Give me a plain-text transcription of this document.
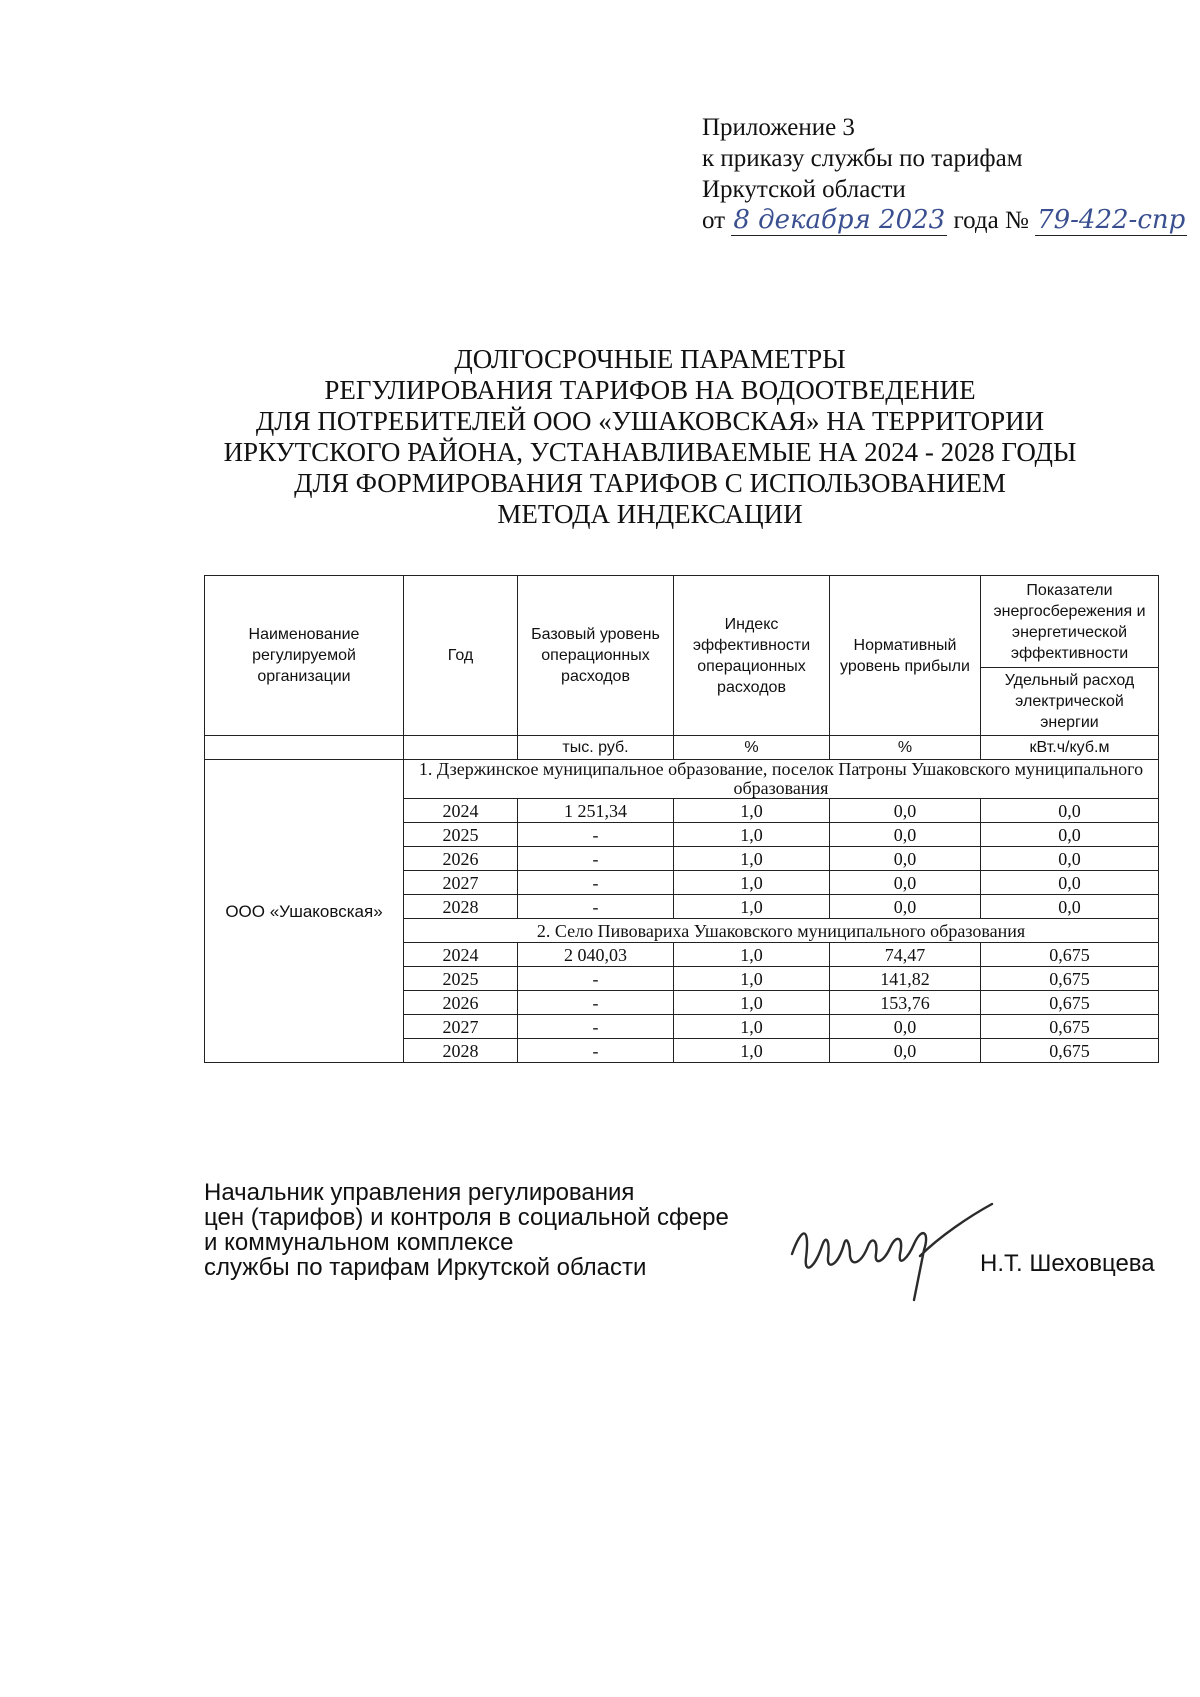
Приложение 3
к приказу службы по тарифам
Иркутской области
от 8 декабря 2023 года № 79-422-спр
ДОЛГОСРОЧНЫЕ ПАРАМЕТРЫ
РЕГУЛИРОВАНИЯ ТАРИФОВ НА ВОДООТВЕДЕНИЕ
ДЛЯ ПОТРЕБИТЕЛЕЙ ООО «УШАКОВСКАЯ» НА ТЕРРИТОРИИ
ИРКУТСКОГО РАЙОНА, УСТАНАВЛИВАЕМЫЕ НА 2024 - 2028 ГОДЫ
ДЛЯ ФОРМИРОВАНИЯ ТАРИФОВ С ИСПОЛЬЗОВАНИЕМ
МЕТОДА ИНДЕКСАЦИИ
Наименование регулируемой организации	Год	Базовый уровень операционных расходов	Индекс эффективности операционных расходов	Нормативный уровень прибыли	Показатели энергосбережения и энергетической эффективности
					Удельный расход электрической энергии
		тыс. руб.	%	%	кВт.ч/куб.м
ООО «Ушаковская»	1. Дзержинское муниципальное образование, поселок Патроны Ушаковского муниципального образования				
	2024	1 251,34	1,0	0,0	0,0
	2025	-	1,0	0,0	0,0
	2026	-	1,0	0,0	0,0
	2027	-	1,0	0,0	0,0
	2028	-	1,0	0,0	0,0
	2. Село Пивовариха Ушаковского муниципального образования				
	2024	2 040,03	1,0	74,47	0,675
	2025	-	1,0	141,82	0,675
	2026	-	1,0	153,76	0,675
	2027	-	1,0	0,0	0,675
	2028	-	1,0	0,0	0,675
Начальник управления регулирования
цен (тарифов) и контроля в социальной сфере
и коммунальном комплексе
службы по тарифам Иркутской области	Н.Т. Шеховцева
